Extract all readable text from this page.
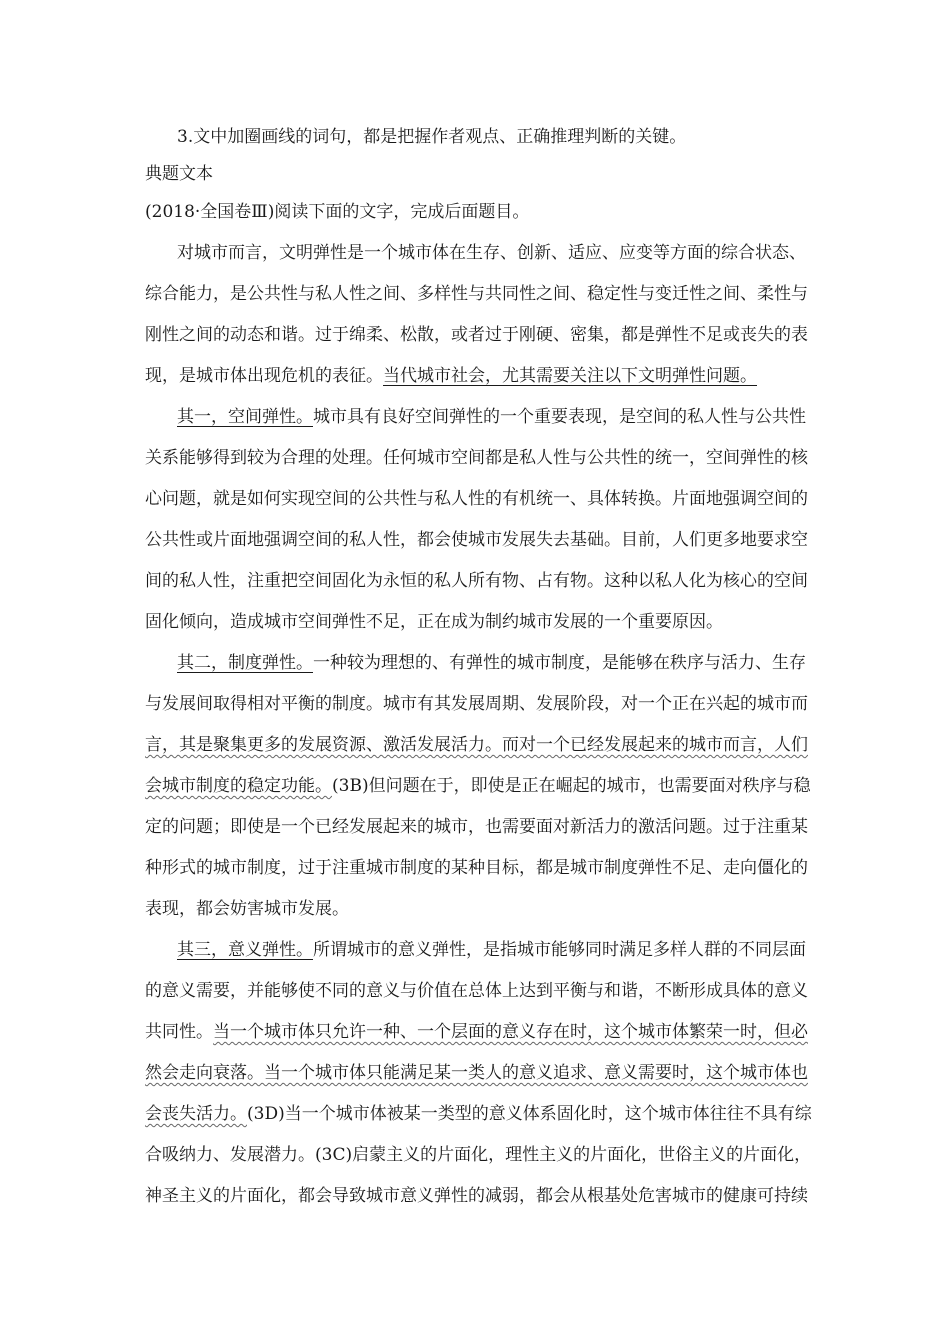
3.文中加圈画线的词句，都是把握作者观点、正确推理判断的关键。
典题文本
(2018·全国卷Ⅲ)阅读下面的文字，完成后面题目。
对城市而言，文明弹性是一个城市体在生存、创新、适应、应变等方面的综合状态、
综合能力，是公共性与私人性之间、多样性与共同性之间、稳定性与变迁性之间、柔性与
刚性之间的动态和谐。过于绵柔、松散，或者过于刚硬、密集，都是弹性不足或丧失的表
现，是城市体出现危机的表征。当代城市社会，尤其需要关注以下文明弹性问题。
其一，空间弹性。城市具有良好空间弹性的一个重要表现，是空间的私人性与公共性
关系能够得到较为合理的处理。任何城市空间都是私人性与公共性的统一，空间弹性的核
心问题，就是如何实现空间的公共性与私人性的有机统一、具体转换。片面地强调空间的
公共性或片面地强调空间的私人性，都会使城市发展失去基础。目前，人们更多地要求空
间的私人性，注重把空间固化为永恒的私人所有物、占有物。这种以私人化为核心的空间
固化倾向，造成城市空间弹性不足，正在成为制约城市发展的一个重要原因。
其二，制度弹性。一种较为理想的、有弹性的城市制度，是能够在秩序与活力、生存
与发展间取得相对平衡的制度。城市有其发展周期、发展阶段，对一个正在兴起的城市而
言，其是聚集更多的发展资源、激活发展活力。而对一个已经发展起来的城市而言，人们
会城市制度的稳定功能。(3B)但问题在于，即使是正在崛起的城市，也需要面对秩序与稳
定的问题；即使是一个已经发展起来的城市，也需要面对新活力的激活问题。过于注重某
种形式的城市制度，过于注重城市制度的某种目标，都是城市制度弹性不足、走向僵化的
表现，都会妨害城市发展。
其三，意义弹性。所谓城市的意义弹性，是指城市能够同时满足多样人群的不同层面
的意义需要，并能够使不同的意义与价值在总体上达到平衡与和谐，不断形成具体的意义
共同性。当一个城市体只允许一种、一个层面的意义存在时，这个城市体繁荣一时，但必
然会走向衰落。当一个城市体只能满足某一类人的意义追求、意义需要时，这个城市体也
会丧失活力。(3D)当一个城市体被某一类型的意义体系固化时，这个城市体往往不具有综
合吸纳力、发展潜力。(3C)启蒙主义的片面化，理性主义的片面化，世俗主义的片面化，
神圣主义的片面化，都会导致城市意义弹性的减弱，都会从根基处危害城市的健康可持续
